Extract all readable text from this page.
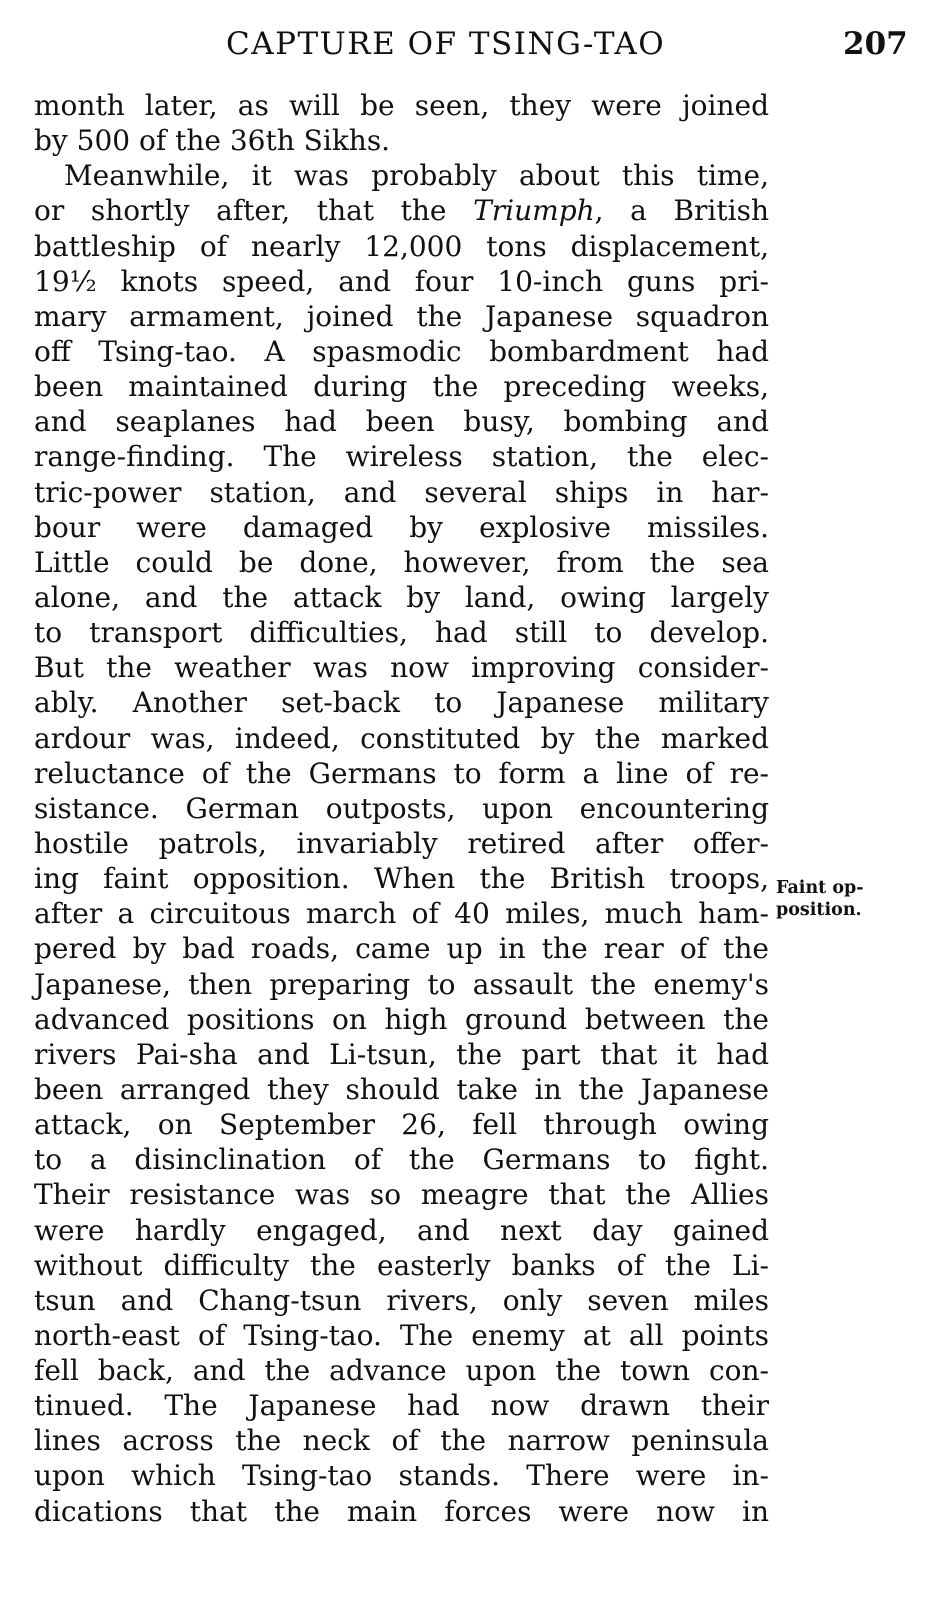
CAPTURE OF TSING-TAO	207
month later, as will be seen, they were joined
by 500 of the 36th Sikhs.
Meanwhile, it was probably about this time,
or shortly after, that the Triumph, a British
battleship of nearly 12,000 tons displacement,
19½ knots speed, and four 10-inch guns pri-
mary armament, joined the Japanese squadron
off Tsing-tao. A spasmodic bombardment had
been maintained during the preceding weeks,
and seaplanes had been busy, bombing and
range-finding. The wireless station, the elec-
tric-power station, and several ships in har-
bour were damaged by explosive missiles.
Little could be done, however, from the sea
alone, and the attack by land, owing largely
to transport difficulties, had still to develop.
But the weather was now improving consider-
ably. Another set-back to Japanese military
ardour was, indeed, constituted by the marked
reluctance of the Germans to form a line of re-
sistance. German outposts, upon encountering
hostile patrols, invariably retired after offer-
ing faint opposition. When the British troops,
after a circuitous march of 40 miles, much ham-
pered by bad roads, came up in the rear of the
Japanese, then preparing to assault the enemy's
advanced positions on high ground between the
rivers Pai-sha and Li-tsun, the part that it had
been arranged they should take in the Japanese
attack, on September 26, fell through owing
to a disinclination of the Germans to fight.
Their resistance was so meagre that the Allies
were hardly engaged, and next day gained
without difficulty the easterly banks of the Li-
tsun and Chang-tsun rivers, only seven miles
north-east of Tsing-tao. The enemy at all points
fell back, and the advance upon the town con-
tinued. The Japanese had now drawn their
lines across the neck of the narrow peninsula
upon which Tsing-tao stands. There were in-
dications that the main forces were now in
Faint op-
position.
